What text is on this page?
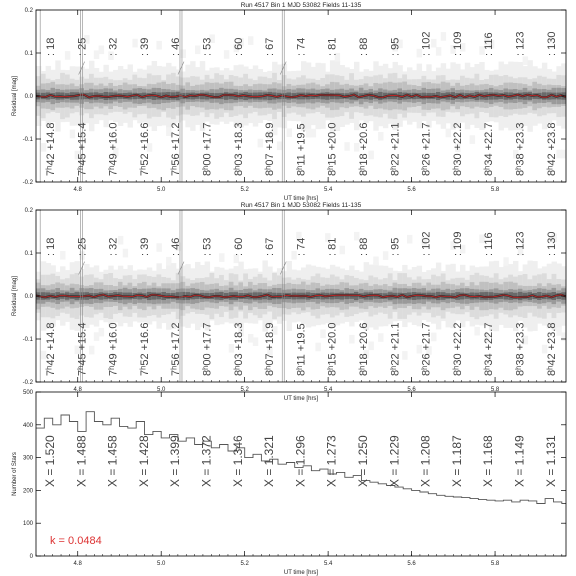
: 18
7ʰ42 +14.8
: 25
7ʰ45 +15.4
: 32
7ʰ49 +16.0
: 39
7ʰ52 +16.6
: 46
7ʰ56 +17.2
: 53
8ʰ00 +17.7
: 60
8ʰ03 +18.3
: 67
8ʰ07 +18.9
: 74
8ʰ11 +19.5
: 81
8ʰ15 +20.0
: 88
8ʰ18 +20.6
: 95
8ʰ22 +21.1
: 102
8ʰ26 +21.7
: 109
8ʰ30 +22.2
: 116
8ʰ34 +22.7
: 123
8ʰ38 +23.3
: 130
8ʰ42 +23.8
4.8	5.0	5.2	5.4	5.6	5.8
-0.2
-0.1
0.0
0.1
0.2
Run 4517 Bin 1 MJD 53082 Fields 11-135
UT time [hrs]
Residual [mag]
: 18
7ʰ42 +14.8
: 25
7ʰ45 +15.4
: 32
7ʰ49 +16.0
: 39
7ʰ52 +16.6
: 46
7ʰ56 +17.2
: 53
8ʰ00 +17.7
: 60
8ʰ03 +18.3
: 67
8ʰ07 +18.9
: 74
8ʰ11 +19.5
: 81
8ʰ15 +20.0
: 88
8ʰ18 +20.6
: 95
8ʰ22 +21.1
: 102
8ʰ26 +21.7
: 109
8ʰ30 +22.2
: 116
8ʰ34 +22.7
: 123
8ʰ38 +23.3
: 130
8ʰ42 +23.8
4.8	5.0	5.2	5.4	5.6	5.8
-0.2
-0.1
0.0
0.1
0.2
Run 4517 Bin 1 MJD 53082 Fields 11-135
UT time [hrs]
Residual [mag]
X = 1.520 X = 1.488 X = 1.458 X = 1.428 X = 1.399 X = 1.372 X = 1.346 X = 1.321 X = 1.296 X = 1.273 X = 1.250 X = 1.229 X = 1.208 X = 1.187 X = 1.168 X = 1.149 X = 1.131
k = 0.0484
4.8	5.0	5.2	5.4	5.6	5.8
0
100
200
300
400
500
UT time [hrs]
Number of Stars
